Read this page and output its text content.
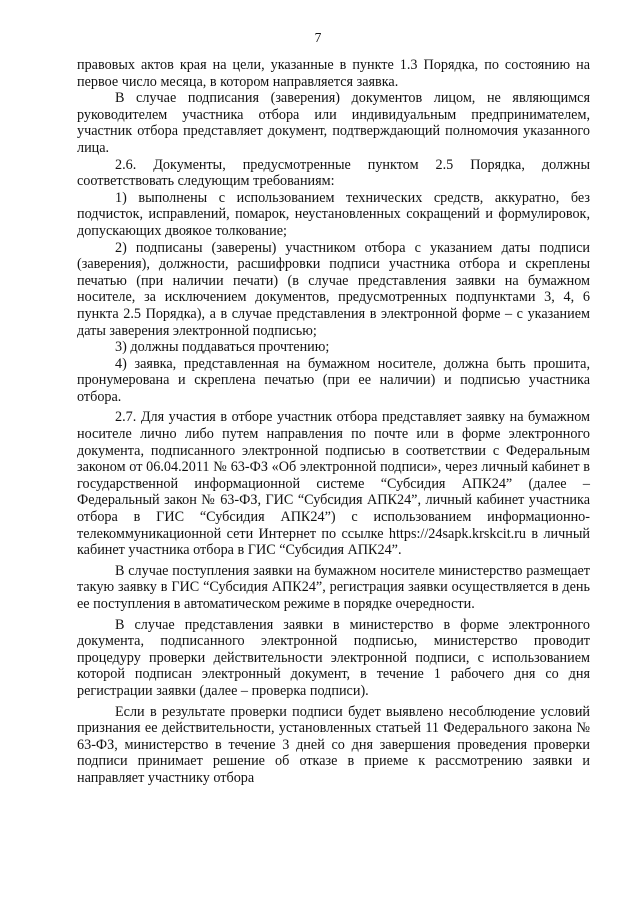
7

правовых актов края на цели, указанные в пункте 1.3 Порядка, по состоянию на первое число месяца, в котором направляется заявка.

В случае подписания (заверения) документов лицом, не являющимся руководителем участника отбора или индивидуальным предпринимателем, участник отбора представляет документ, подтверждающий полномочия указанного лица.

2.6. Документы, предусмотренные пунктом 2.5 Порядка, должны соответствовать следующим требованиям:

1) выполнены с использованием технических средств, аккуратно, без подчисток, исправлений, помарок, неустановленных сокращений и формулировок, допускающих двоякое толкование;

2) подписаны (заверены) участником отбора с указанием даты подписи (заверения), должности, расшифровки подписи участника отбора и скреплены печатью (при наличии печати) (в случае представления заявки на бумажном носителе, за исключением документов, предусмотренных подпунктами 3, 4, 6 пункта 2.5 Порядка), а в случае представления в электронной форме – с указанием даты заверения электронной подписью;

3) должны поддаваться прочтению;

4) заявка, представленная на бумажном носителе, должна быть прошита, пронумерована и скреплена печатью (при ее наличии) и подписью участника отбора.

2.7. Для участия в отборе участник отбора представляет заявку на бумажном носителе лично либо путем направления по почте или в форме электронного документа, подписанного электронной подписью в соответствии с Федеральным законом от 06.04.2011 № 63-ФЗ «Об электронной подписи», через личный кабинет в государственной информационной системе “Субсидия АПК24” (далее – Федеральный закон № 63-ФЗ, ГИС “Субсидия АПК24”, личный кабинет участника отбора в ГИС “Субсидия АПК24”) с использованием информационно-телекоммуникационной сети Интернет по ссылке https://24sapk.krskcit.ru в личный кабинет участника отбора в ГИС “Субсидия АПК24”.

В случае поступления заявки на бумажном носителе министерство размещает такую заявку в ГИС “Субсидия АПК24”, регистрация заявки осуществляется в день ее поступления в автоматическом режиме в порядке очередности.

В случае представления заявки в министерство в форме электронного документа, подписанного электронной подписью, министерство проводит процедуру проверки действительности электронной подписи, с использованием которой подписан электронный документ, в течение 1 рабочего дня со дня регистрации заявки (далее – проверка подписи).

Если в результате проверки подписи будет выявлено несоблюдение условий признания ее действительности, установленных статьей 11 Федерального закона № 63-ФЗ, министерство в течение 3 дней со дня завершения проведения проверки подписи принимает решение об отказе в приеме к рассмотрению заявки и направляет участнику отбора
